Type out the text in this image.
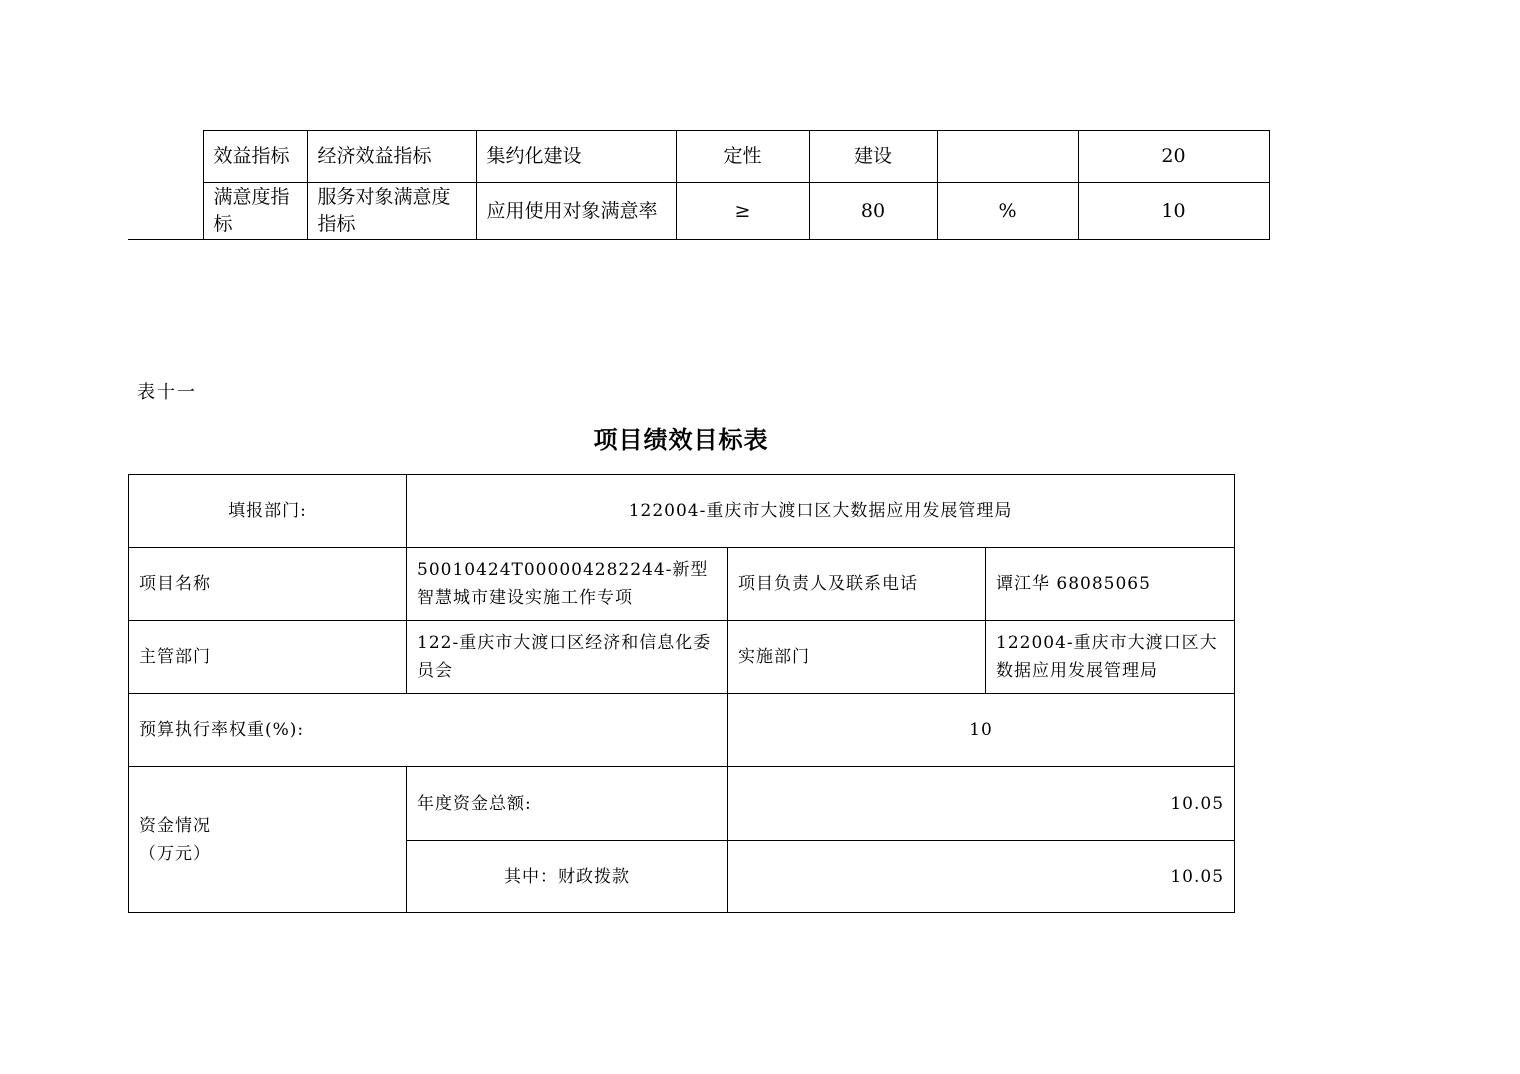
	效益指标	经济效益指标	集约化建设	定性	建设		20
	满意度指标	服务对象满意度指标	应用使用对象满意率	≥	80	%	10
表十一
项目绩效目标表
填报部门:	122004-重庆市大渡口区大数据应用发展管理局		
项目名称	50010424T000004282244-新型智慧城市建设实施工作专项	项目负责人及联系电话	谭江华 68085065
主管部门	122-重庆市大渡口区经济和信息化委员会	实施部门	122004-重庆市大渡口区大数据应用发展管理局
预算执行率权重(%):		10	

资金情况
（万元）	年度资金总额:	10.05	
	其中：财政拨款	10.05	
